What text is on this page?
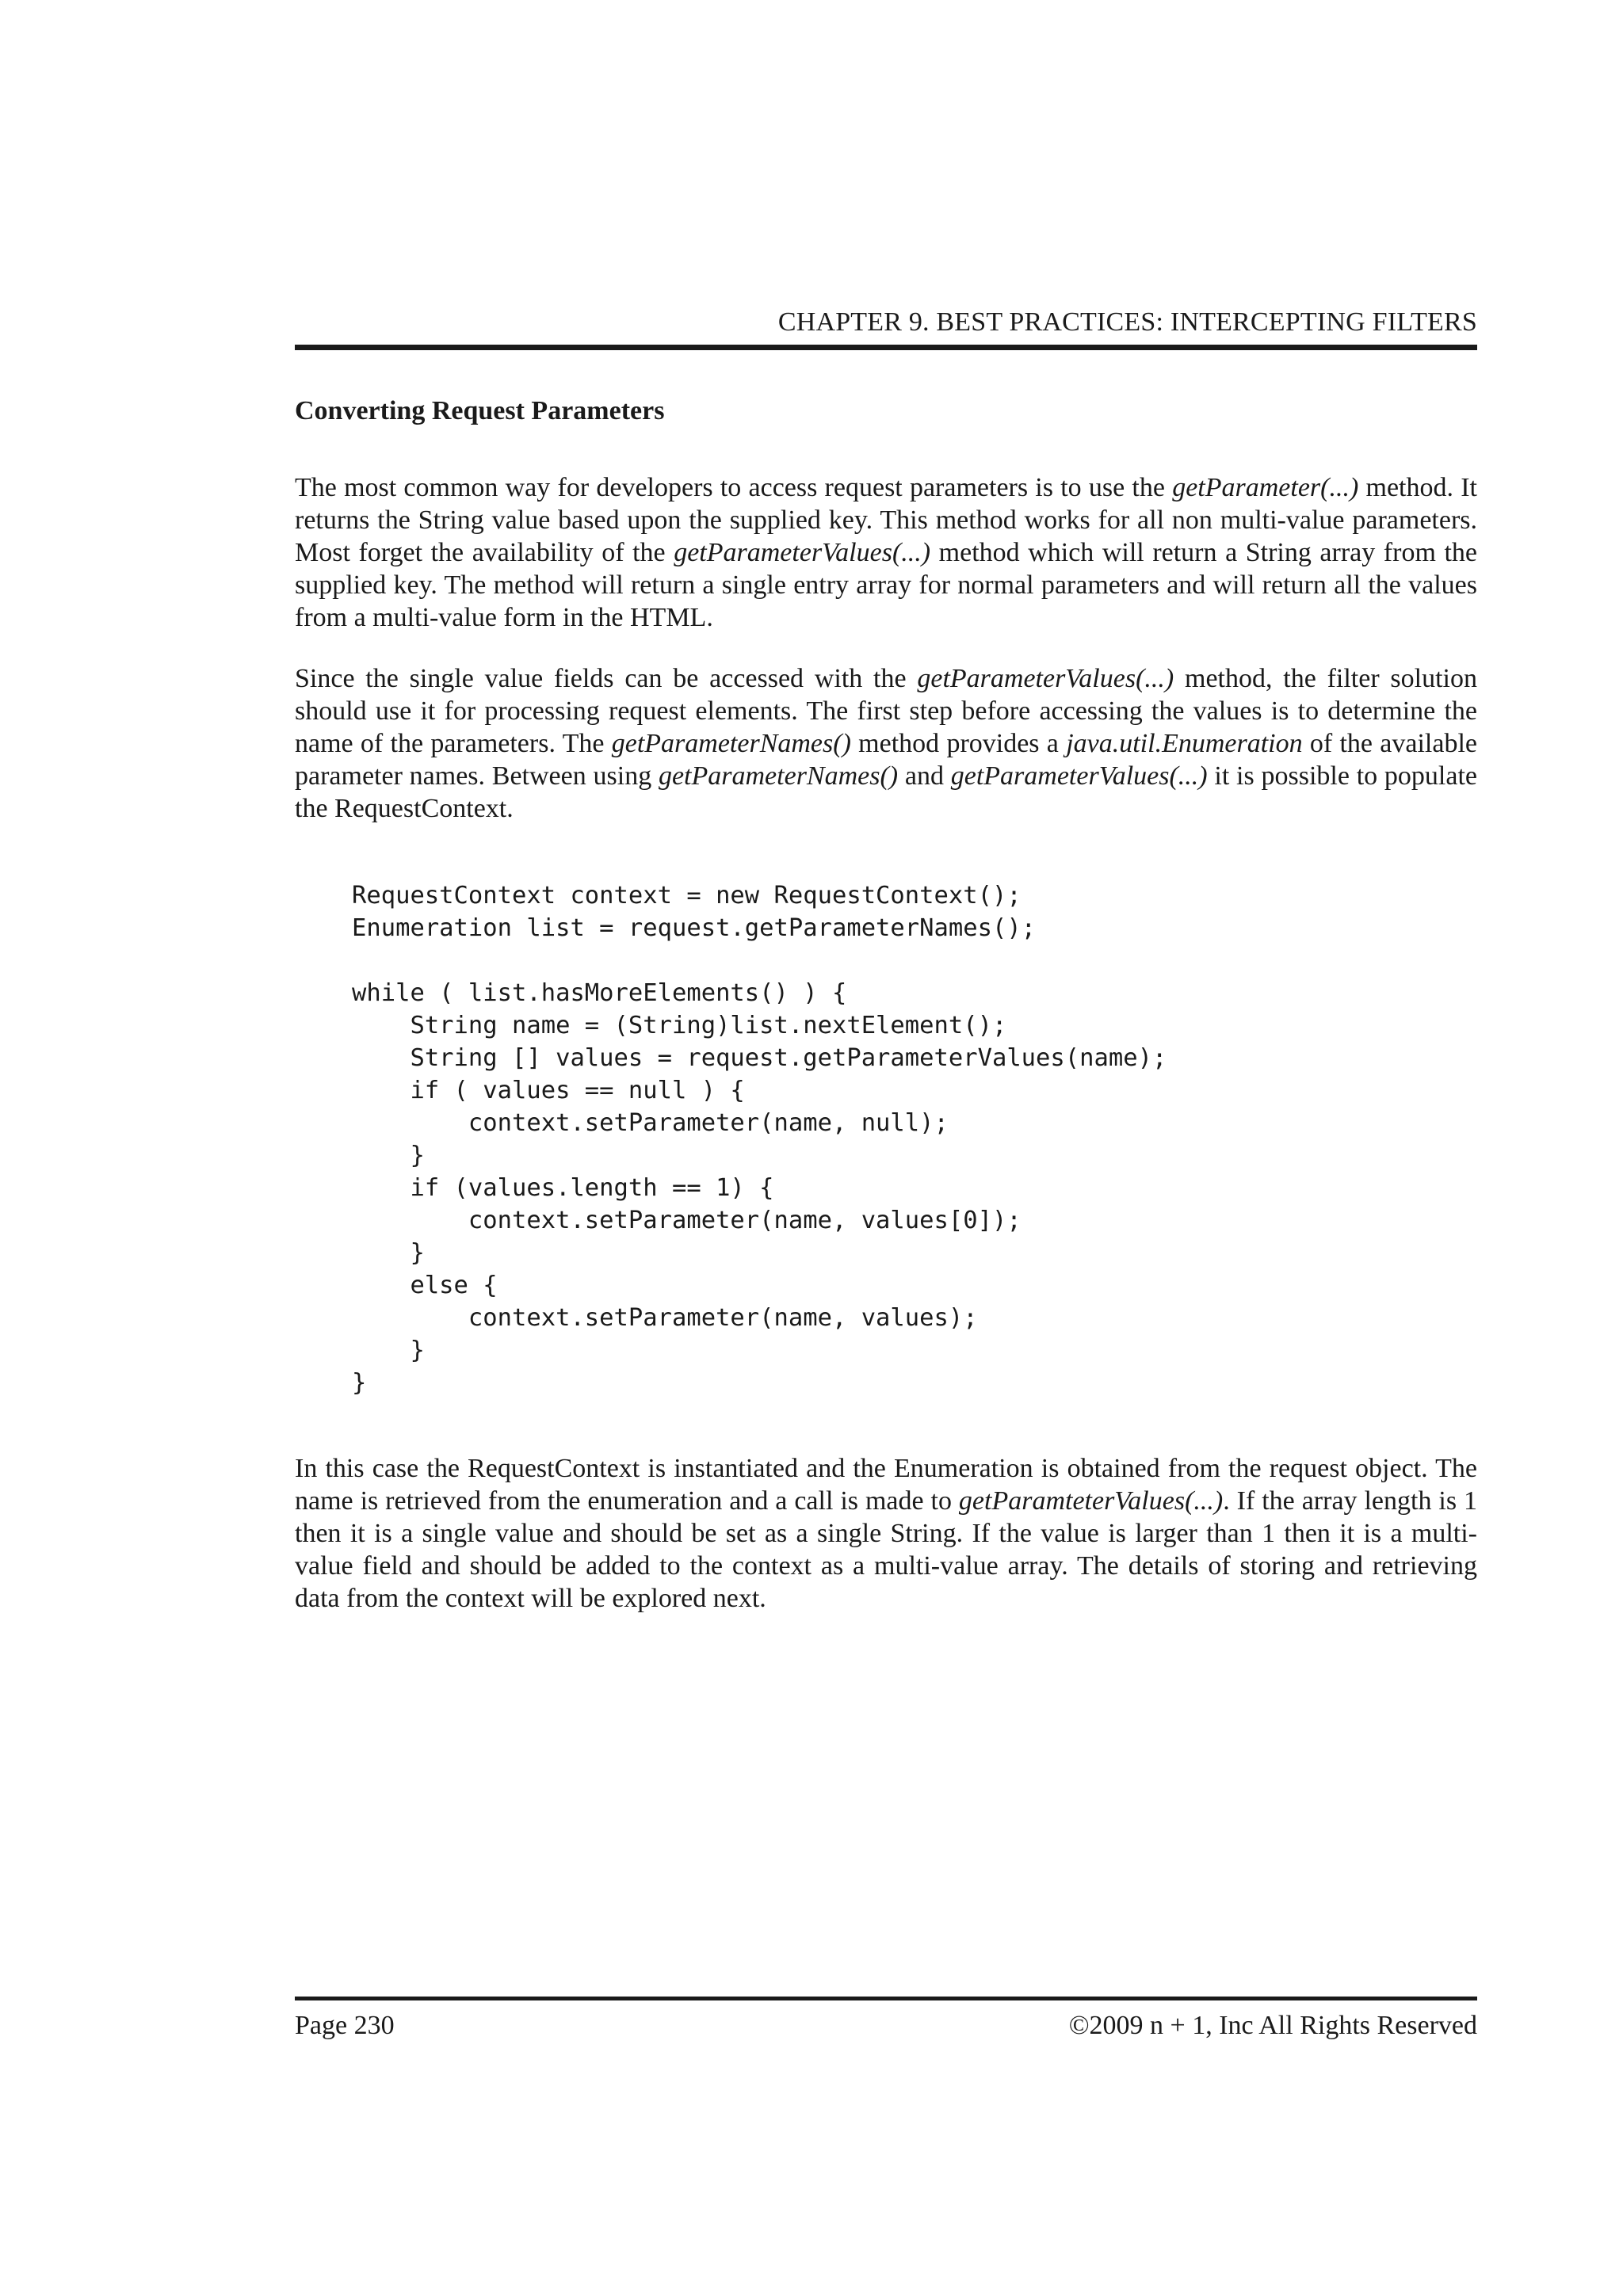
CHAPTER 9. BEST PRACTICES: INTERCEPTING FILTERS
Converting Request Parameters

The most common way for developers to access request parameters is to use the getParameter(...) method. It returns the String value based upon the supplied key. This method works for all non multi-value parameters. Most forget the availability of the getParameterValues(...) method which will return a String array from the supplied key. The method will return a single entry array for normal parameters and will return all the values from a multi-value form in the HTML.

Since the single value fields can be accessed with the getParameterValues(...) method, the filter solution should use it for processing request elements. The first step before accessing the values is to determine the name of the parameters. The getParameterNames() method provides a java.util.Enumeration of the available parameter names. Between using getParameterNames() and getParameterValues(...) it is possible to populate the RequestContext.

RequestContext context = new RequestContext();
Enumeration list = request.getParameterNames();

while ( list.hasMoreElements() ) {
String name = (String)list.nextElement();
String [] values = request.getParameterValues(name);
if ( values == null ) {
context.setParameter(name, null);
}
if (values.length == 1) {
context.setParameter(name, values[0]);
}
else {
context.setParameter(name, values);
}
}

In this case the RequestContext is instantiated and the Enumeration is obtained from the request object. The name is retrieved from the enumeration and a call is made to getParamteterValues(...). If the array length is 1 then it is a single value and should be set as a single String. If the value is larger than 1 then it is a multi-value field and should be added to the context as a multi-value array. The details of storing and retrieving data from the context will be explored next.

Page 230	©2009 n + 1, Inc All Rights Reserved
